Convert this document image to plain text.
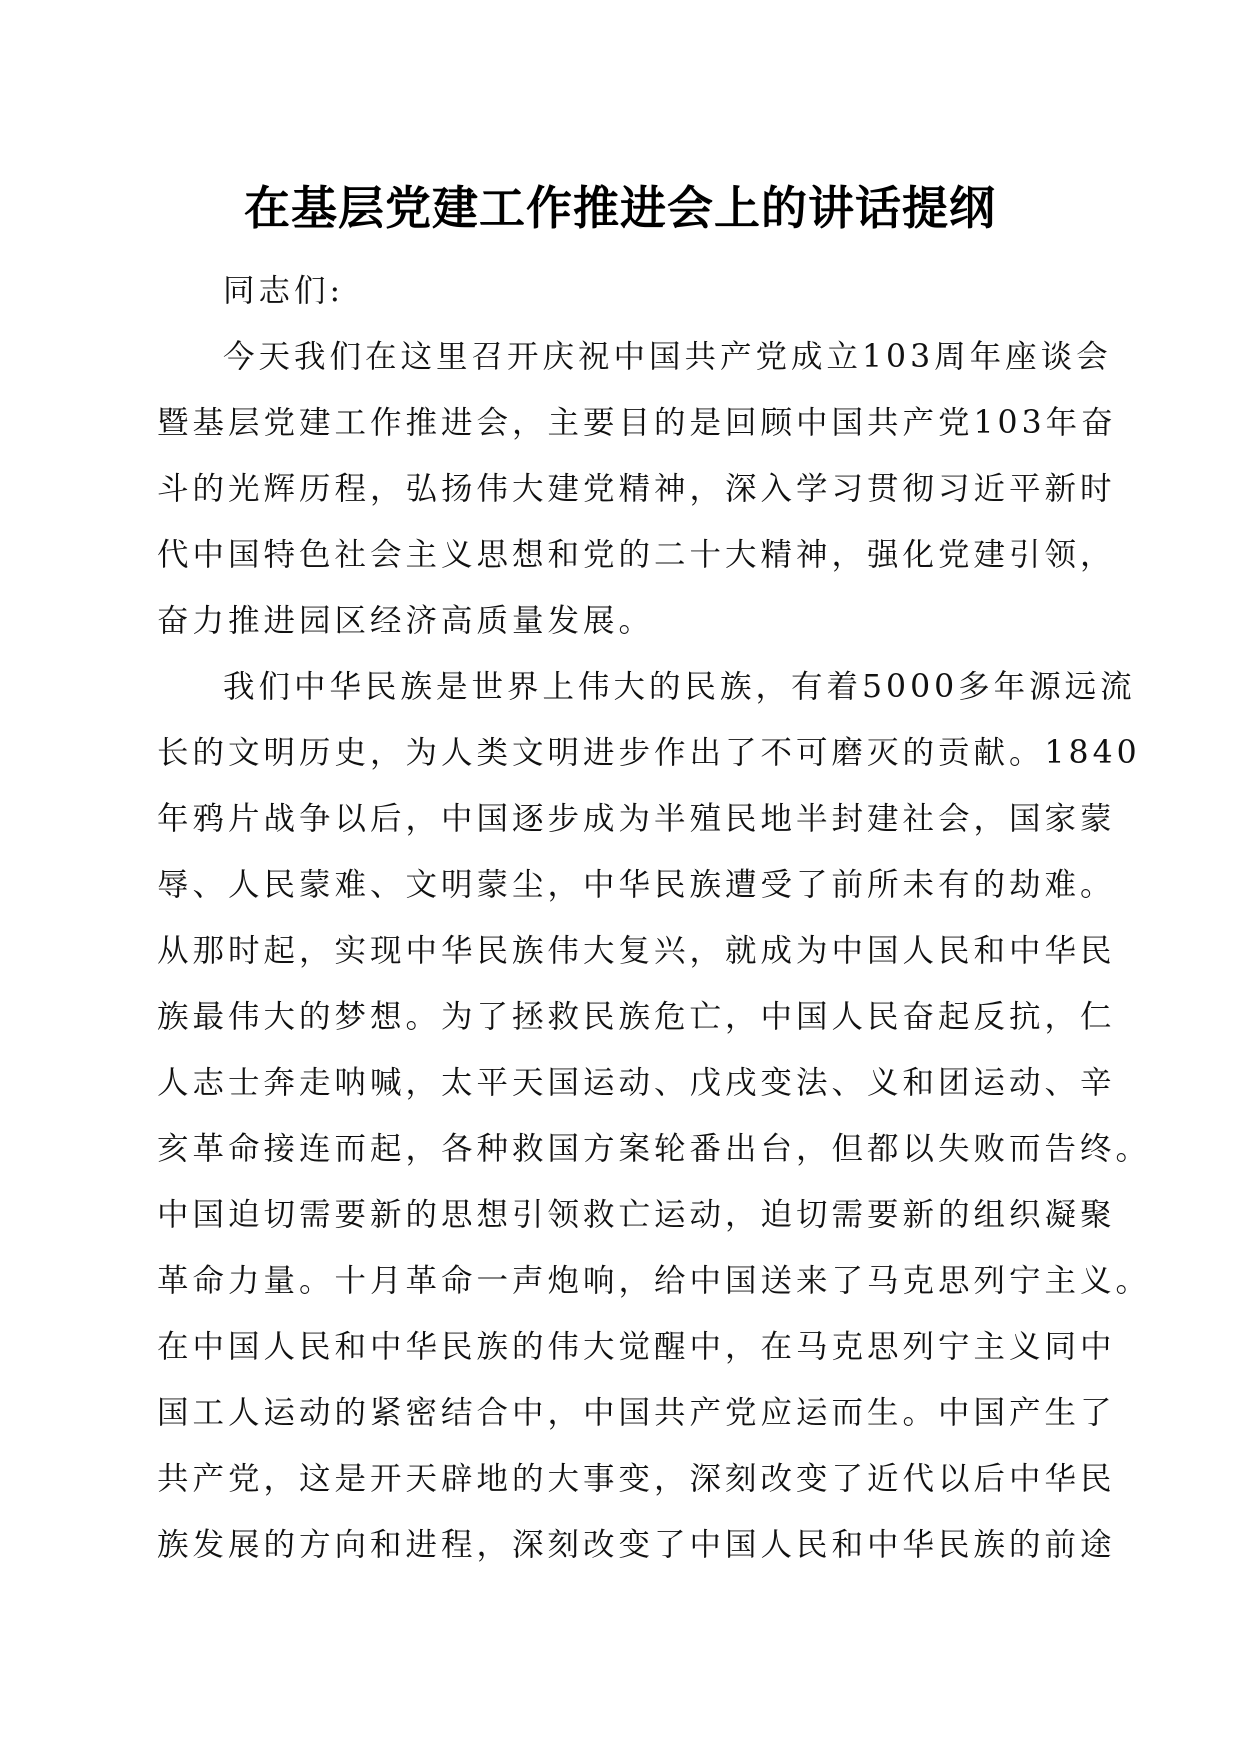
在基层党建工作推进会上的讲话提纲
同志们:
今天我们在这里召开庆祝中国共产党成立103周年座谈会
暨基层党建工作推进会，主要目的是回顾中国共产党103年奋
斗的光辉历程，弘扬伟大建党精神，深入学习贯彻习近平新时
代中国特色社会主义思想和党的二十大精神，强化党建引领，
奋力推进园区经济高质量发展。
我们中华民族是世界上伟大的民族，有着5000多年源远流
长的文明历史，为人类文明进步作出了不可磨灭的贡献。1840
年鸦片战争以后，中国逐步成为半殖民地半封建社会，国家蒙
辱、人民蒙难、文明蒙尘，中华民族遭受了前所未有的劫难。
从那时起，实现中华民族伟大复兴，就成为中国人民和中华民
族最伟大的梦想。为了拯救民族危亡，中国人民奋起反抗，仁
人志士奔走呐喊，太平天国运动、戊戌变法、义和团运动、辛
亥革命接连而起，各种救国方案轮番出台，但都以失败而告终。
中国迫切需要新的思想引领救亡运动，迫切需要新的组织凝聚
革命力量。十月革命一声炮响，给中国送来了马克思列宁主义。
在中国人民和中华民族的伟大觉醒中，在马克思列宁主义同中
国工人运动的紧密结合中，中国共产党应运而生。中国产生了
共产党，这是开天辟地的大事变，深刻改变了近代以后中华民
族发展的方向和进程，深刻改变了中国人民和中华民族的前途
